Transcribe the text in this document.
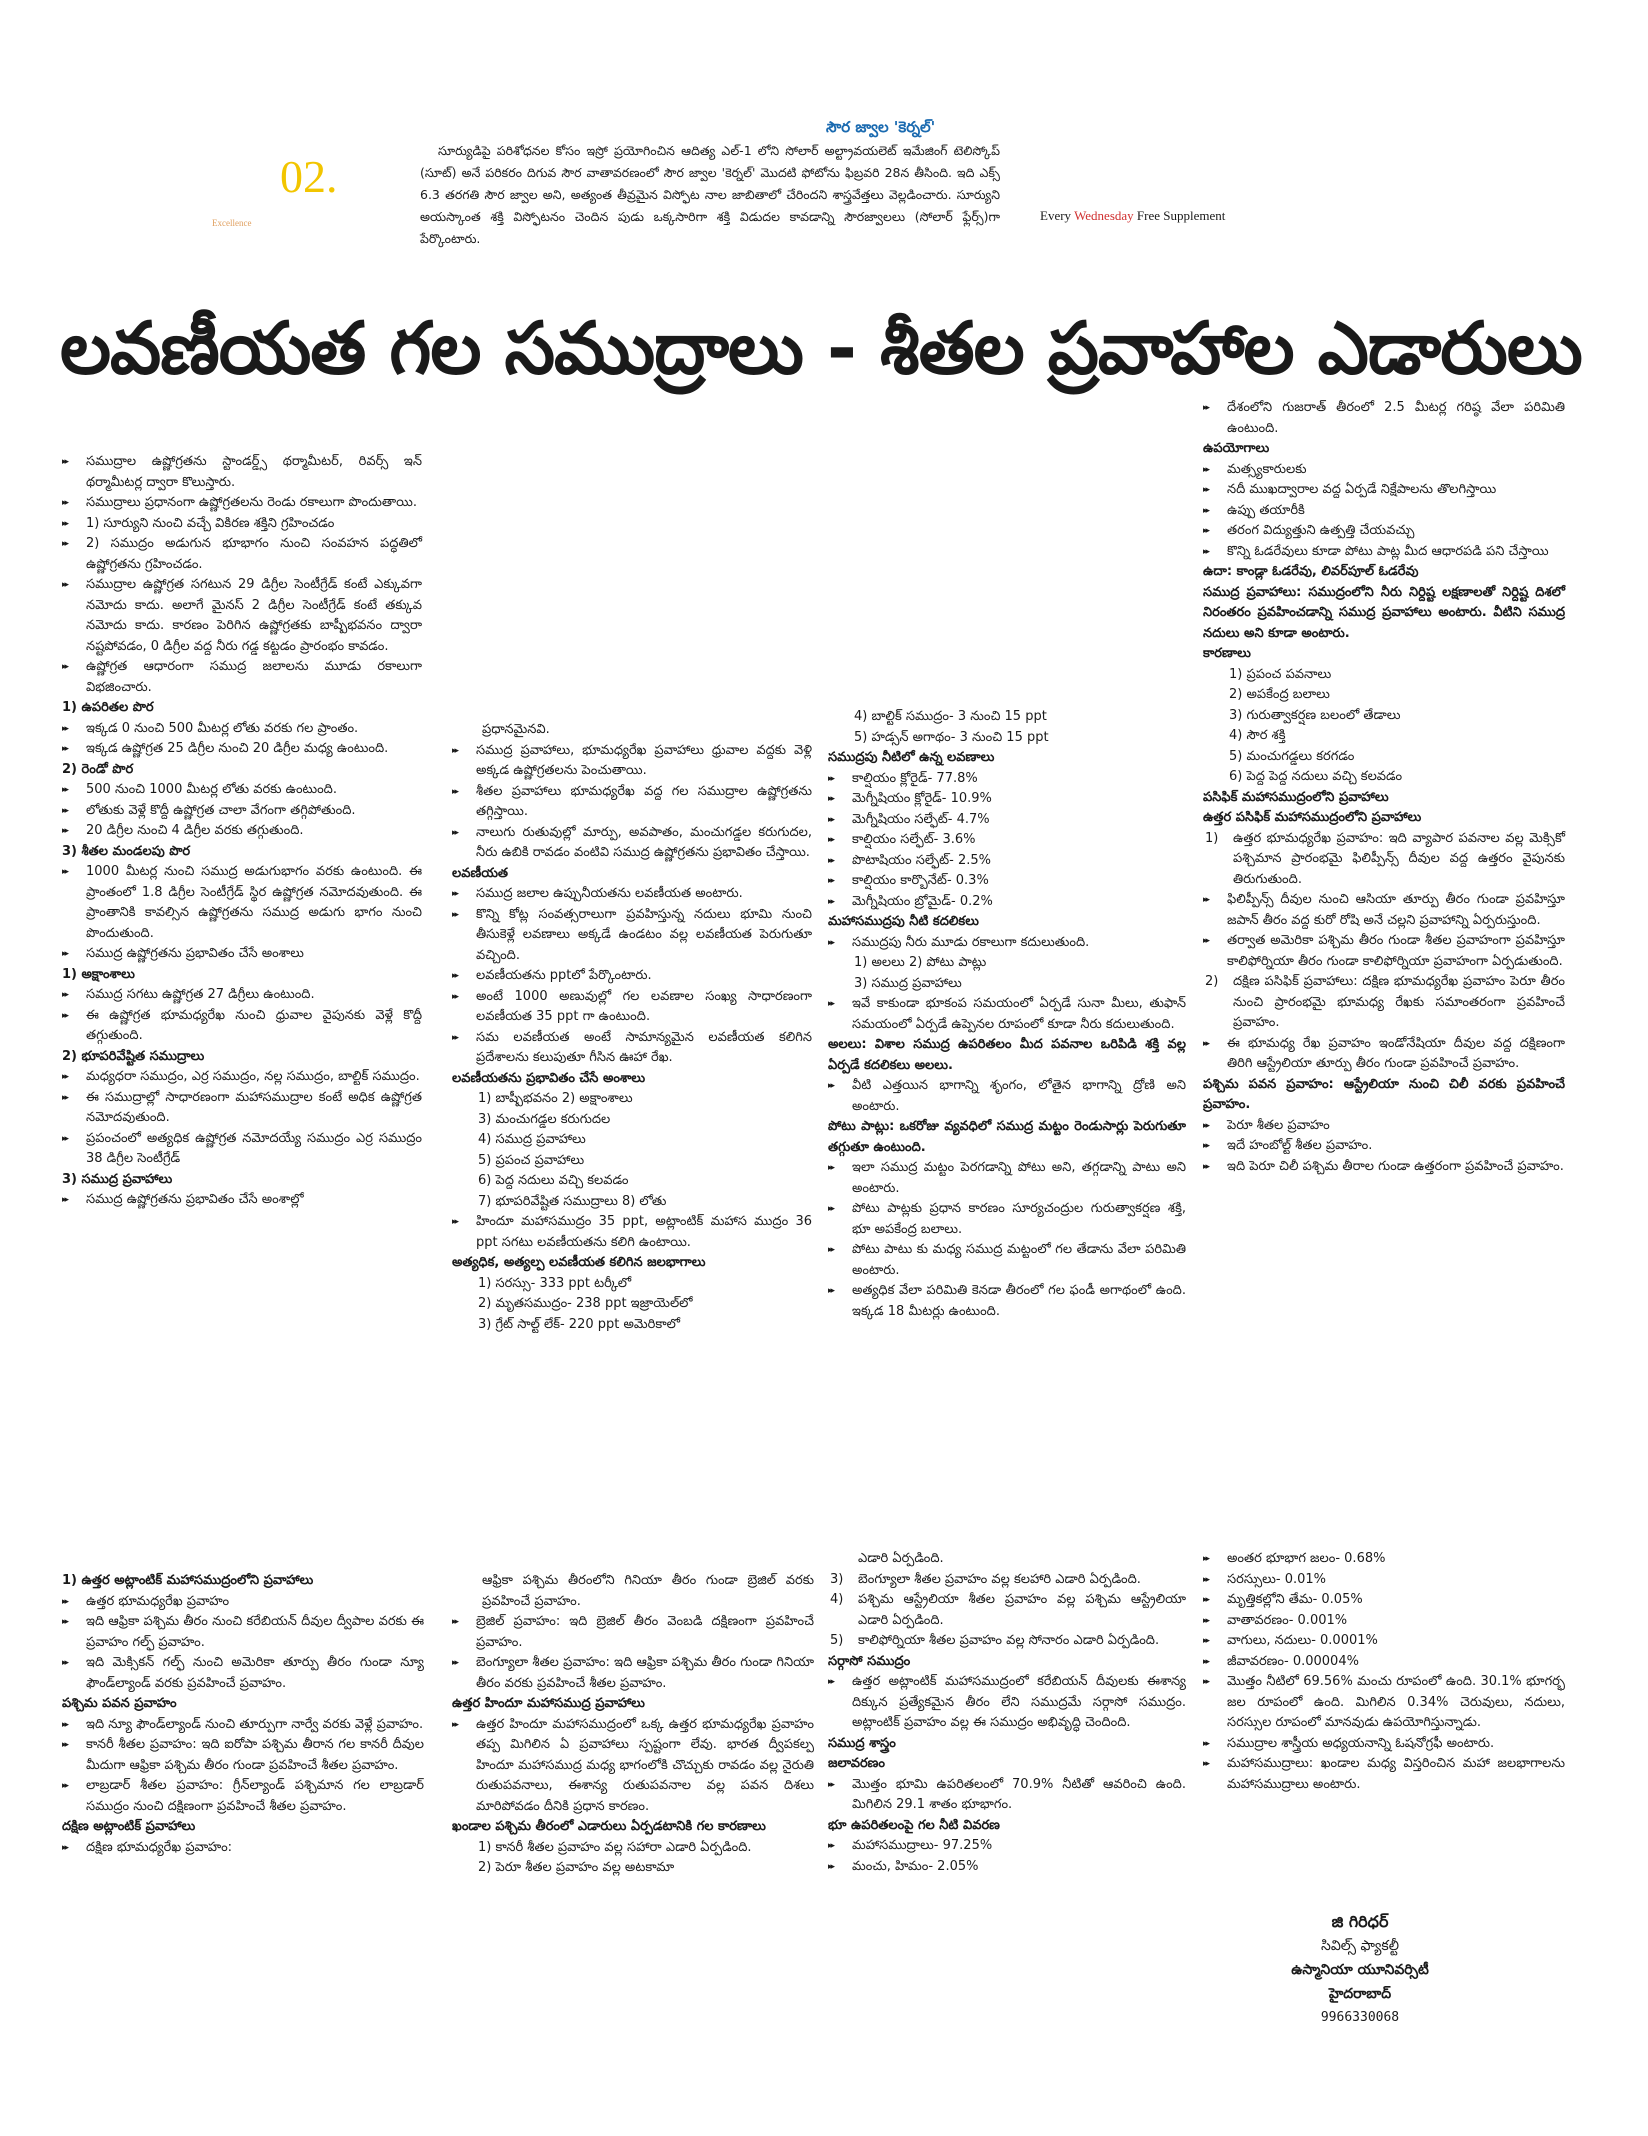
02.
Excellence
సౌర జ్వాల 'కెర్నల్'
సూర్యుడిపై పరిశోధనల కోసం ఇస్రో ప్రయోగించిన ఆదిత్య ఎల్-1 లోని సోలార్ అల్ట్రావయలెట్ ఇమేజింగ్ టెలిస్కోప్ (సూట్) అనే పరికరం దిగువ సౌర వాతావరణంలో సౌర జ్వాల 'కెర్నల్' మొదటి ఫోటోను ఫిబ్రవరి 28న తీసింది. ఇది ఎక్స్ 6.3 తరగతి సౌర జ్వాల అని, అత్యంత తీవ్రమైన విస్ఫోట నాల జాబితాలో చేరిందని శాస్త్రవేత్తలు వెల్లడించారు. సూర్యుని అయస్కాంత శక్తి విస్ఫోటనం చెందిన పుడు ఒక్కసారిగా శక్తి విడుదల కావడాన్ని సౌరజ్వాలలు (సోలార్ ఫ్లేర్స్)గా పేర్కొంటారు.
Every Wednesday Free Supplement
లవణీయత గల సముద్రాలు - శీతల ప్రవాహాల ఎడారులు

▸▸ సముద్రాల ఉష్ణోగ్రతను స్టాండర్డ్స్ థర్మామీటర్, రివర్స్ ఇన్ థర్మామీటర్ల ద్వారా కొలుస్తారు.

▸▸ సముద్రాలు ప్రధానంగా ఉష్ణోగ్రతలను రెండు రకాలుగా పొందుతాయి.

▸▸ 1) సూర్యుని నుంచి వచ్చే వికిరణ శక్తిని గ్రహించడం

▸▸ 2) సముద్రం అడుగున భూభాగం నుంచి సంవహన పద్ధతిలో ఉష్ణోగ్రతను గ్రహించడం.

▸▸ సముద్రాల ఉష్ణోగ్రత సగటున 29 డిగ్రీల సెంటీగ్రేడ్ కంటే ఎక్కువగా నమోదు కాదు. అలాగే మైనస్ 2 డిగ్రీల సెంటీగ్రేడ్ కంటే తక్కువ నమోదు కాదు. కారణం పెరిగిన ఉష్ణోగ్రతకు బాష్పీభవనం ద్వారా నష్టపోవడం, 0 డిగ్రీల వద్ద నీరు గడ్డ కట్టడం ప్రారంభం కావడం.

▸▸ ఉష్ణోగ్రత ఆధారంగా సముద్ర జలాలను మూడు రకాలుగా విభజించారు.

1) ఉపరితల పొర

▸▸ ఇక్కడ 0 నుంచి 500 మీటర్ల లోతు వరకు గల ప్రాంతం.

▸▸ ఇక్కడ ఉష్ణోగ్రత 25 డిగ్రీల నుంచి 20 డిగ్రీల మధ్య ఉంటుంది.

2) రెండో పొర

▸▸ 500 నుంచి 1000 మీటర్ల లోతు వరకు ఉంటుంది.

▸▸ లోతుకు వెళ్లే కొద్దీ ఉష్ణోగ్రత చాలా వేగంగా తగ్గిపోతుంది.

▸▸ 20 డిగ్రీల నుంచి 4 డిగ్రీల వరకు తగ్గుతుంది.

3) శీతల మండలపు పొర

▸▸ 1000 మీటర్ల నుంచి సముద్ర అడుగుభాగం వరకు ఉంటుంది. ఈ ప్రాంతంలో 1.8 డిగ్రీల సెంటీగ్రేడ్ స్థిర ఉష్ణోగ్రత నమోదవుతుంది. ఈ ప్రాంతానికి కావల్సిన ఉష్ణోగ్రతను సముద్ర అడుగు భాగం నుంచి పొందుతుంది.

▸▸ సముద్ర ఉష్ణోగ్రతను ప్రభావితం చేసే అంశాలు

1) అక్షాంశాలు

▸▸ సముద్ర సగటు ఉష్ణోగ్రత 27 డిగ్రీలు ఉంటుంది.

▸▸ ఈ ఉష్ణోగ్రత భూమధ్యరేఖ నుంచి ధ్రువాల వైపునకు వెళ్లే కొద్దీ తగ్గుతుంది.

2) భూపరివేష్టిత సముద్రాలు

▸▸ మధ్యధరా సముద్రం, ఎర్ర సముద్రం, నల్ల సముద్రం, బాల్టిక్ సముద్రం.

▸▸ ఈ సముద్రాల్లో సాధారణంగా మహాసముద్రాల కంటే అధిక ఉష్ణోగ్రత నమోదవుతుంది.

▸▸ ప్రపంచంలో అత్యధిక ఉష్ణోగ్రత నమోదయ్యే సముద్రం ఎర్ర సముద్రం 38 డిగ్రీల సెంటీగ్రేడ్

3) సముద్ర ప్రవాహాలు

▸▸ సముద్ర ఉష్ణోగ్రతను ప్రభావితం చేసే అంశాల్లో

ప్రధానమైనవి.

▸▸ సముద్ర ప్రవాహాలు, భూమధ్యరేఖ ప్రవాహాలు ధ్రువాల వద్దకు వెళ్లి అక్కడ ఉష్ణోగ్రతలను పెంచుతాయి.

▸▸ శీతల ప్రవాహాలు భూమధ్యరేఖ వద్ద గల సముద్రాల ఉష్ణోగ్రతను తగ్గిస్తాయి.

▸▸ నాలుగు రుతువుల్లో మార్పు, అవపాతం, మంచుగడ్డల కరుగుదల, నీరు ఉబికి రావడం వంటివి సముద్ర ఉష్ణోగ్రతను ప్రభావితం చేస్తాయి.

లవణీయత

▸▸ సముద్ర జలాల ఉప్పునీయతను లవణీయత అంటారు.

▸▸ కొన్ని కోట్ల సంవత్సరాలుగా ప్రవహిస్తున్న నదులు భూమి నుంచి తీసుకెళ్లే లవణాలు అక్కడే ఉండటం వల్ల లవణీయత పెరుగుతూ వచ్చింది.

▸▸ లవణీయతను pptలో పేర్కొంటారు.

▸▸ అంటే 1000 అణువుల్లో గల లవణాల సంఖ్య సాధారణంగా లవణీయత 35 ppt గా ఉంటుంది.

▸▸ సమ లవణీయత అంటే సామాన్యమైన లవణీయత కలిగిన ప్రదేశాలను కలుపుతూ గీసిన ఊహా రేఖ.

లవణీయతను ప్రభావితం చేసే అంశాలు

1) బాష్పీభవనం 2) అక్షాంశాలు

3) మంచుగడ్డల కరుగుదల

4) సముద్ర ప్రవాహాలు

5) ప్రపంచ ప్రవాహాలు

6) పెద్ద నదులు వచ్చి కలవడం

7) భూపరివేష్టిత సముద్రాలు 8) లోతు

▸▸ హిందూ మహాసముద్రం 35 ppt, అట్లాంటిక్ మహాస ముద్రం 36 ppt సగటు లవణీయతను కలిగి ఉంటాయి.

అత్యధిక, అత్యల్ప లవణీయత కలిగిన జలభాగాలు

1) సరస్సు- 333 ppt టర్కీలో

2) మృతసముద్రం- 238 ppt ఇజ్రాయెల్‌లో

3) గ్రేట్ సాల్ట్ లేక్- 220 ppt అమెరికాలో

4) బాల్టిక్ సముద్రం- 3 నుంచి 15 ppt

5) హడ్సన్ అగాథం- 3 నుంచి 15 ppt

సముద్రపు నీటిలో ఉన్న లవణాలు

▸▸ కాల్షియం క్లోరైడ్- 77.8%

▸▸ మెగ్నీషియం క్లోరైడ్- 10.9%

▸▸ మెగ్నీషియం సల్ఫేట్- 4.7%

▸▸ కాల్షియం సల్ఫేట్- 3.6%

▸▸ పొటాషియం సల్ఫేట్- 2.5%

▸▸ కాల్షియం కార్బొనేట్- 0.3%

▸▸ మెగ్నీషియం బ్రోమైడ్- 0.2%

మహాసముద్రపు నీటి కదలికలు

▸▸ సముద్రపు నీరు మూడు రకాలుగా కదులుతుంది.

1) అలలు 2) పోటు పాట్లు

3) సముద్ర ప్రవాహాలు

▸▸ ఇవే కాకుండా భూకంప సమయంలో ఏర్పడే సునా మీలు, తుఫాన్ సమయంలో ఏర్పడే ఉప్పెనల రూపంలో కూడా నీరు కదులుతుంది.

అలలు: విశాల సముద్ర ఉపరితలం మీద పవనాల ఒరిపిడి శక్తి వల్ల ఏర్పడే కదలికలు అలలు.

▸▸ వీటి ఎత్తయిన భాగాన్ని శృంగం, లోతైన భాగాన్ని ద్రోణి అని అంటారు.

పోటు పాట్లు: ఒకరోజు వ్యవధిలో సముద్ర మట్టం రెండుసార్లు పెరుగుతూ తగ్గుతూ ఉంటుంది.

▸▸ ఇలా సముద్ర మట్టం పెరగడాన్ని పోటు అని, తగ్గడాన్ని పాటు అని అంటారు.

▸▸ పోటు పాట్లకు ప్రధాన కారణం సూర్యచంద్రుల గురుత్వాకర్షణ శక్తి, భూ అపకేంద్ర బలాలు.

▸▸ పోటు పాటు కు మధ్య సముద్ర మట్టంలో గల తేడాను వేలా పరిమితి అంటారు.

▸▸ అత్యధిక వేలా పరిమితి కెనడా తీరంలో గల ఫండీ అగాథంలో ఉంది. ఇక్కడ 18 మీటర్లు ఉంటుంది.

▸▸ దేశంలోని గుజరాత్ తీరంలో 2.5 మీటర్ల గరిష్ఠ వేలా పరిమితి ఉంటుంది.

ఉపయోగాలు

▸▸ మత్స్యకారులకు

▸▸ నదీ ముఖద్వారాల వద్ద ఏర్పడే నిక్షేపాలను తొలగిస్తాయి

▸▸ ఉప్పు తయారీకి

▸▸ తరంగ విద్యుత్తుని ఉత్పత్తి చేయవచ్చు

▸▸ కొన్ని ఓడరేవులు కూడా పోటు పాట్ల మీద ఆధారపడి పని చేస్తాయి

ఉదా: కాండ్లా ఓడరేవు, లివర్‌పూల్ ఓడరేవు

సముద్ర ప్రవాహాలు: సముద్రంలోని నీరు నిర్దిష్ట లక్షణాలతో నిర్దిష్ట దిశలో నిరంతరం ప్రవహించడాన్ని సముద్ర ప్రవాహాలు అంటారు. వీటిని సముద్ర నదులు అని కూడా అంటారు.

కారణాలు

1) ప్రపంచ పవనాలు

2) అపకేంద్ర బలాలు

3) గురుత్వాకర్షణ బలంలో తేడాలు

4) సౌర శక్తి

5) మంచుగడ్డలు కరగడం

6) పెద్ద పెద్ద నదులు వచ్చి కలవడం

పసిఫిక్ మహాసముద్రంలోని ప్రవాహాలు

ఉత్తర పసిఫిక్ మహాసముద్రంలోని ప్రవాహాలు

1) ఉత్తర భూమధ్యరేఖ ప్రవాహం: ఇది వ్యాపార పవనాల వల్ల మెక్సికో పశ్చిమాన ప్రారంభమై ఫిలిప్పీన్స్ దీవుల వద్ద ఉత్తరం వైపునకు తిరుగుతుంది.

▸▸ ఫిలిప్పీన్స్ దీవుల నుంచి ఆసియా తూర్పు తీరం గుండా ప్రవహిస్తూ జపాన్ తీరం వద్ద కురో రోషి అనే చల్లని ప్రవాహాన్ని ఏర్పరుస్తుంది.

▸▸ తర్వాత అమెరికా పశ్చిమ తీరం గుండా శీతల ప్రవాహంగా ప్రవహిస్తూ కాలిఫోర్నియా తీరం గుండా కాలిఫోర్నియా ప్రవాహంగా ఏర్పడుతుంది.

2) దక్షిణ పసిఫిక్ ప్రవాహాలు: దక్షిణ భూమధ్యరేఖ ప్రవాహం పెరూ తీరం నుంచి ప్రారంభమై భూమధ్య రేఖకు సమాంతరంగా ప్రవహించే ప్రవాహం.

▸▸ ఈ భూమధ్య రేఖ ప్రవాహం ఇండోనేషియా దీవుల వద్ద దక్షిణంగా తిరిగి ఆస్ట్రేలియా తూర్పు తీరం గుండా ప్రవహించే ప్రవాహం.

పశ్చిమ పవన ప్రవాహం: ఆస్ట్రేలియా నుంచి చిలీ వరకు ప్రవహించే ప్రవాహం.

▸▸ పెరూ శీతల ప్రవాహం

▸▸ ఇదే హంబోల్ట్ శీతల ప్రవాహం.

▸▸ ఇది పెరూ చిలీ పశ్చిమ తీరాల గుండా ఉత్తరంగా ప్రవహించే ప్రవాహం.

1) ఉత్తర అట్లాంటిక్ మహాసముద్రంలోని ప్రవాహాలు

▸▸ ఉత్తర భూమధ్యరేఖ ప్రవాహం

▸▸ ఇది ఆఫ్రికా పశ్చిమ తీరం నుంచి కరేబియన్ దీవుల ద్వీపాల వరకు ఈ ప్రవాహం గల్ఫ్ ప్రవాహం.

▸▸ ఇది మెక్సికన్ గల్ఫ్ నుంచి అమెరికా తూర్పు తీరం గుండా న్యూ ఫౌండ్‌ల్యాండ్ వరకు ప్రవహించే ప్రవాహం.

పశ్చిమ పవన ప్రవాహం

▸▸ ఇది న్యూ ఫౌండ్‌ల్యాండ్ నుంచి తూర్పుగా నార్వే వరకు వెళ్లే ప్రవాహం.

▸▸ కానరీ శీతల ప్రవాహం: ఇది ఐరోపా పశ్చిమ తీరాన గల కానరీ దీవుల మీదుగా ఆఫ్రికా పశ్చిమ తీరం గుండా ప్రవహించే శీతల ప్రవాహం.

▸▸ లాబ్రడార్ శీతల ప్రవాహం: గ్రీన్‌ల్యాండ్ పశ్చిమాన గల లాబ్రడార్ సముద్రం నుంచి దక్షిణంగా ప్రవహించే శీతల ప్రవాహం.

దక్షిణ అట్లాంటిక్ ప్రవాహాలు

▸▸ దక్షిణ భూమధ్యరేఖ ప్రవాహం:

ఆఫ్రికా పశ్చిమ తీరంలోని గినియా తీరం గుండా బ్రెజిల్ వరకు ప్రవహించే ప్రవాహం.

▸▸ బ్రెజిల్ ప్రవాహం: ఇది బ్రెజిల్ తీరం వెంబడి దక్షిణంగా ప్రవహించే ప్రవాహం.

▸▸ బెంగ్యూలా శీతల ప్రవాహం: ఇది ఆఫ్రికా పశ్చిమ తీరం గుండా గినియా తీరం వరకు ప్రవహించే శీతల ప్రవాహం.

ఉత్తర హిందూ మహాసముద్ర ప్రవాహాలు

▸▸ ఉత్తర హిందూ మహాసముద్రంలో ఒక్క ఉత్తర భూమధ్యరేఖ ప్రవాహం తప్ప మిగిలిన ఏ ప్రవాహాలు స్పష్టంగా లేవు. భారత ద్వీపకల్ప హిందూ మహాసముద్ర మధ్య భాగంలోకి చొచ్చుకు రావడం వల్ల నైరుతి రుతుపవనాలు, ఈశాన్య రుతుపవనాల వల్ల పవన దిశలు మారిపోవడం దీనికి ప్రధాన కారణం.

ఖండాల పశ్చిమ తీరంలో ఎడారులు ఏర్పడటానికి గల కారణాలు

1) కానరీ శీతల ప్రవాహం వల్ల సహారా ఎడారి ఏర్పడింది.

2) పెరూ శీతల ప్రవాహం వల్ల అటకామా

ఎడారి ఏర్పడింది.

3) బెంగ్యూలా శీతల ప్రవాహం వల్ల కలహారి ఎడారి ఏర్పడింది.

4) పశ్చిమ ఆస్ట్రేలియా శీతల ప్రవాహం వల్ల పశ్చిమ ఆస్ట్రేలియా ఎడారి ఏర్పడింది.

5) కాలిఫోర్నియా శీతల ప్రవాహం వల్ల సోనారం ఎడారి ఏర్పడింది.

సర్గాసో సముద్రం

▸▸ ఉత్తర అట్లాంటిక్ మహాసముద్రంలో కరేబియన్ దీవులకు ఈశాన్య దిక్కున ప్రత్యేకమైన తీరం లేని సముద్రమే సర్గాసో సముద్రం. అట్లాంటిక్ ప్రవాహం వల్ల ఈ సముద్రం అభివృద్ధి చెందింది.

సముద్ర శాస్త్రం

జలావరణం

▸▸ మొత్తం భూమి ఉపరితలంలో 70.9% నీటితో ఆవరించి ఉంది. మిగిలిన 29.1 శాతం భూభాగం.

భూ ఉపరితలంపై గల నీటి వివరణ

▸▸ మహాసముద్రాలు- 97.25%

▸▸ మంచు, హిమం- 2.05%

▸▸ అంతర భూభాగ జలం- 0.68%

▸▸ సరస్సులు- 0.01%

▸▸ మృత్తికల్లోని తేమ- 0.05%

▸▸ వాతావరణం- 0.001%

▸▸ వాగులు, నదులు- 0.0001%

▸▸ జీవావరణం- 0.00004%

▸▸ మొత్తం నీటిలో 69.56% మంచు రూపంలో ఉంది. 30.1% భూగర్భ జల రూపంలో ఉంది. మిగిలిన 0.34% చెరువులు, నదులు, సరస్సుల రూపంలో మానవుడు ఉపయోగిస్తున్నాడు.

▸▸ సముద్రాల శాస్త్రీయ అధ్యయనాన్ని ఓషనోగ్రఫీ అంటారు.

▸▸ మహాసముద్రాలు: ఖండాల మధ్య విస్తరించిన మహా జలభాగాలను మహాసముద్రాలు అంటారు.

జి గిరిధర్
సివిల్స్ ఫ్యాకల్టీ
ఉస్మానియా యూనివర్సిటీ
హైదరాబాద్
9966330068
